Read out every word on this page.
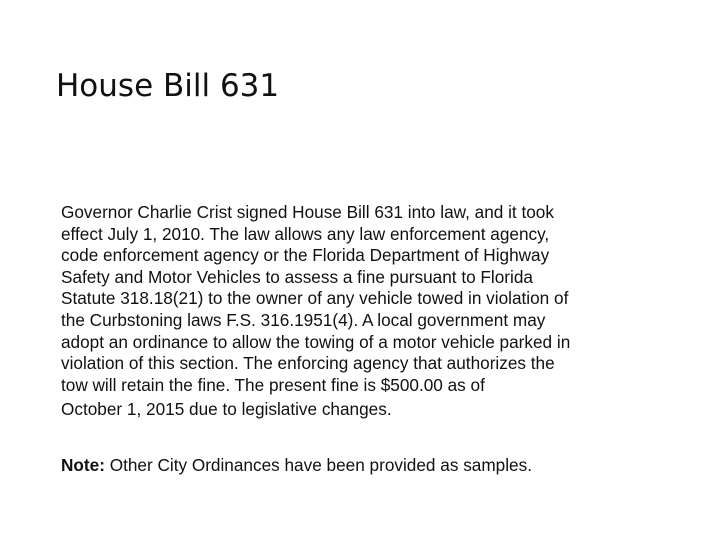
House Bill 631
Governor Charlie Crist signed House Bill 631 into law, and it took
effect July 1, 2010. The law allows any law enforcement agency,
code enforcement agency or the Florida Department of Highway
Safety and Motor Vehicles to assess a fine pursuant to Florida
Statute 318.18(21) to the owner of any vehicle towed in violation of
the Curbstoning laws F.S. 316.1951(4). A local government may
adopt an ordinance to allow the towing of a motor vehicle parked in
violation of this section. The enforcing agency that authorizes the
tow will retain the fine. The present fine is $500.00 as of
October 1, 2015 due to legislative changes.
Note: Other City Ordinances have been provided as samples.
